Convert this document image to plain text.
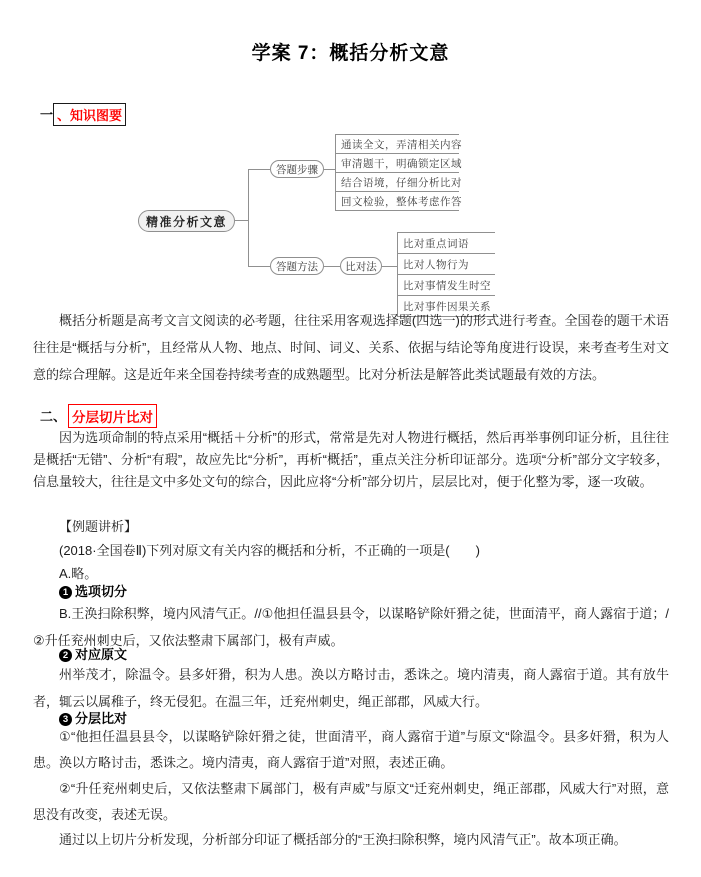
学案 7：概括分析文意
一 、知识图要
精准分析文意
答题步骤
答题方法	比对法
通读全文，弄清相关内容
审清题干，明确锁定区域
结合语境，仔细分析比对
回文检验，整体考虑作答
比对重点词语
比对人物行为
比对事情发生时空
比对事件因果关系

概括分析题是高考文言文阅读的必考题，往往采用客观选择题(四选一)的形式进行考查。全国卷的题干术语往往是“概括与分析”，且经常从人物、地点、时间、词义、关系、依据与结论等角度进行设误，来考查考生对文意的综合理解。这是近年来全国卷持续考查的成熟题型。比对分析法是解答此类试题最有效的方法。

二、 分层切片比对

因为选项命制的特点采用“概括＋分析”的形式，常常是先对人物进行概括，然后再举事例印证分析，且往往是概括“无错”、分析“有瑕”，故应先比“分析”，再析“概括”，重点关注分析印证部分。选项“分析”部分文字较多，信息量较大，往往是文中多处文句的综合，因此应将“分析”部分切片，层层比对，便于化整为零，逐一攻破。

【例题讲析】

(2018·全国卷Ⅱ)下列对原文有关内容的概括和分析，不正确的一项是(　　)

A.略。

1 选项切分

B.王涣扫除积弊，境内风清气正。//①他担任温县县令，以谋略铲除奸猾之徒，世面清平，商人露宿于道；/②升任兖州刺史后，又依法整肃下属部门，极有声威。

2 对应原文

州举茂才，除温令。县多奸猾，积为人患。涣以方略讨击，悉诛之。境内清夷，商人露宿于道。其有放牛者，辄云以属稚子，终无侵犯。在温三年，迁兖州刺史，绳正部郡，风威大行。

3 分层比对

①“他担任温县县令，以谋略铲除奸猾之徒，世面清平，商人露宿于道”与原文“除温令。县多奸猾，积为人患。涣以方略讨击，悉诛之。境内清夷，商人露宿于道”对照，表述正确。

②“升任兖州刺史后，又依法整肃下属部门，极有声威”与原文“迁兖州刺史，绳正部郡，风威大行”对照，意思没有改变，表述无误。

通过以上切片分析发现，分析部分印证了概括部分的“王涣扫除积弊，境内风清气正”。故本项正确。
